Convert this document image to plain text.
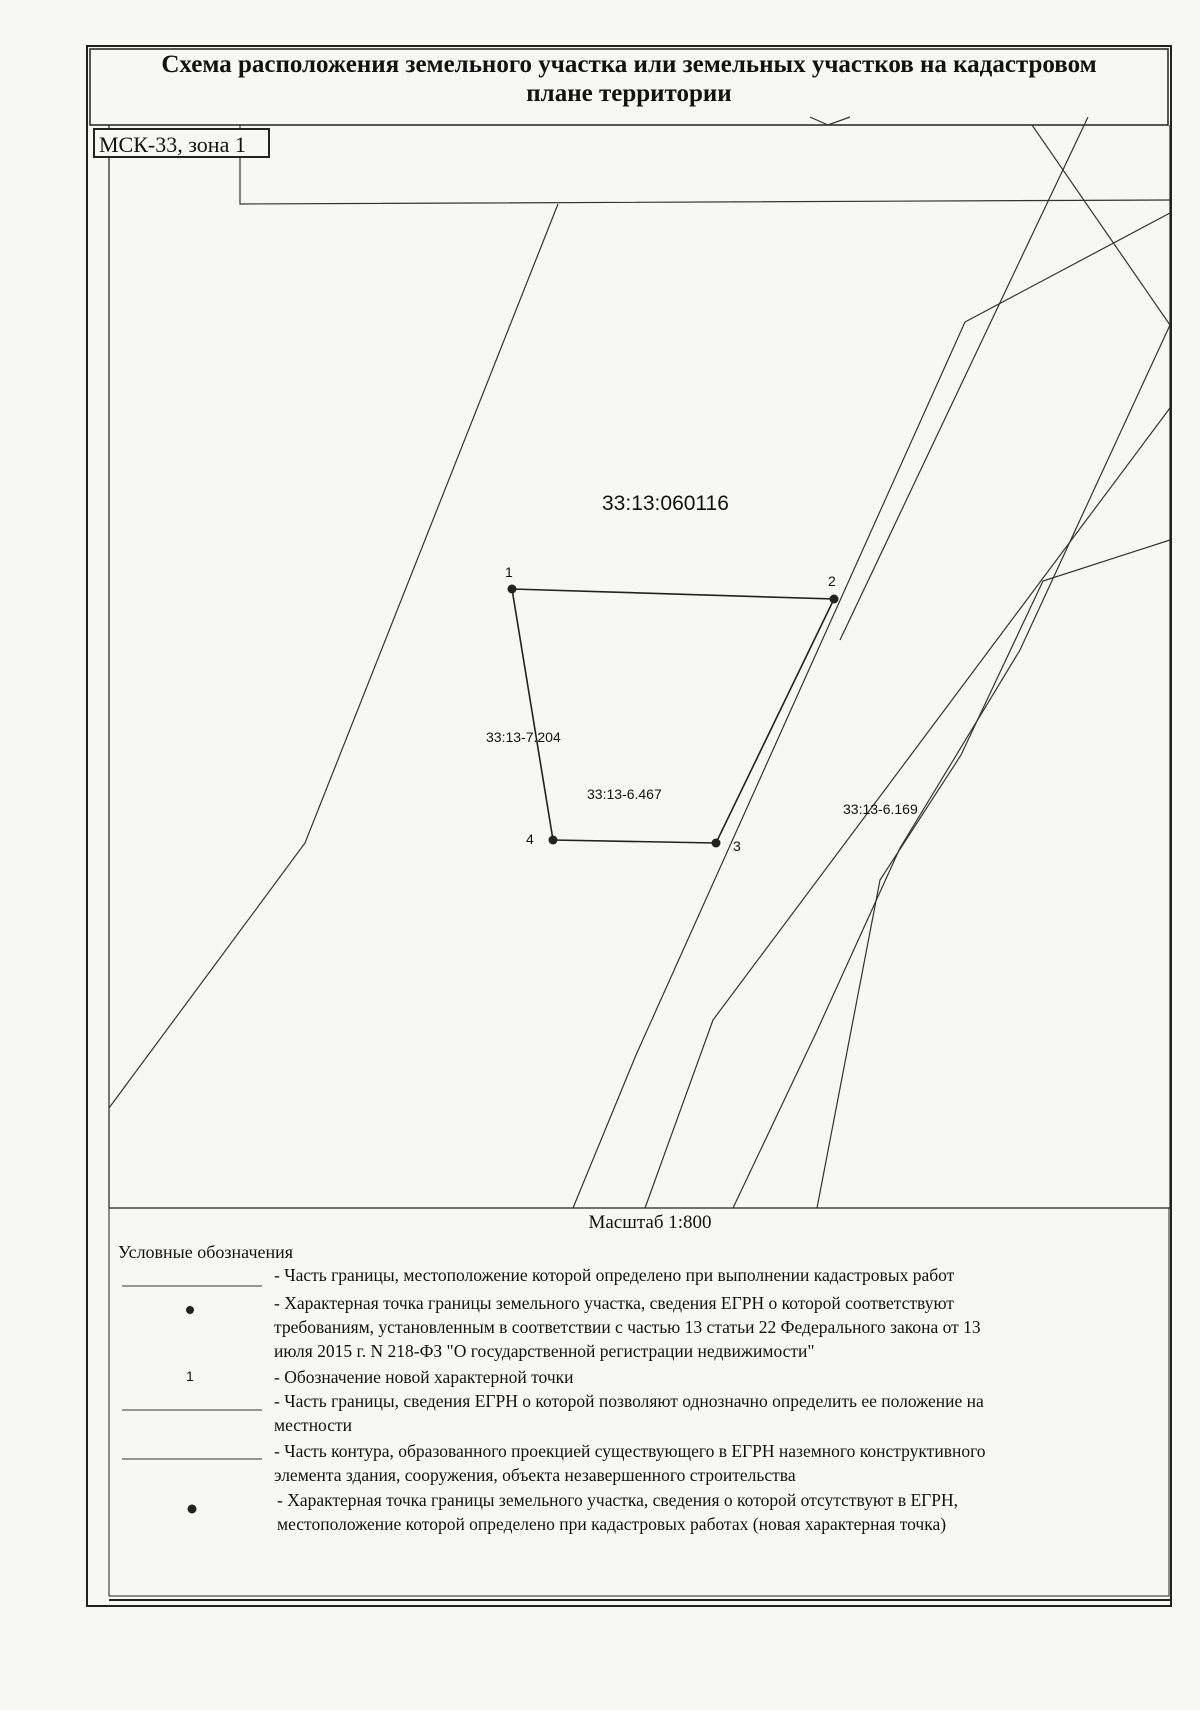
Схема расположения земельного участка или земельных участков на кадастровом
плане территории
МСК-33, зона 1
33:13:060116
33:13-7.204
33:13-6.467
33:13-6.169
1
2
3
4
Масштаб 1:800
Условные обозначения
- Часть границы, местоположение которой определено при выполнении кадастровых работ
- Характерная точка границы земельного участка, сведения ЕГРН о которой соответствуют
требованиям, установленным в соответствии с частью 13 статьи 22 Федерального закона от 13
июля 2015 г. N 218-ФЗ "О государственной регистрации недвижимости"
1	- Обозначение новой характерной точки
- Часть границы, сведения ЕГРН о которой позволяют однозначно определить ее положение на
местности
- Часть контура, образованного проекцией существующего в ЕГРН наземного конструктивного
элемента здания, сооружения, объекта незавершенного строительства
- Характерная точка границы земельного участка, сведения о которой отсутствуют в ЕГРН,
местоположение которой определено при кадастровых работах (новая характерная точка)
